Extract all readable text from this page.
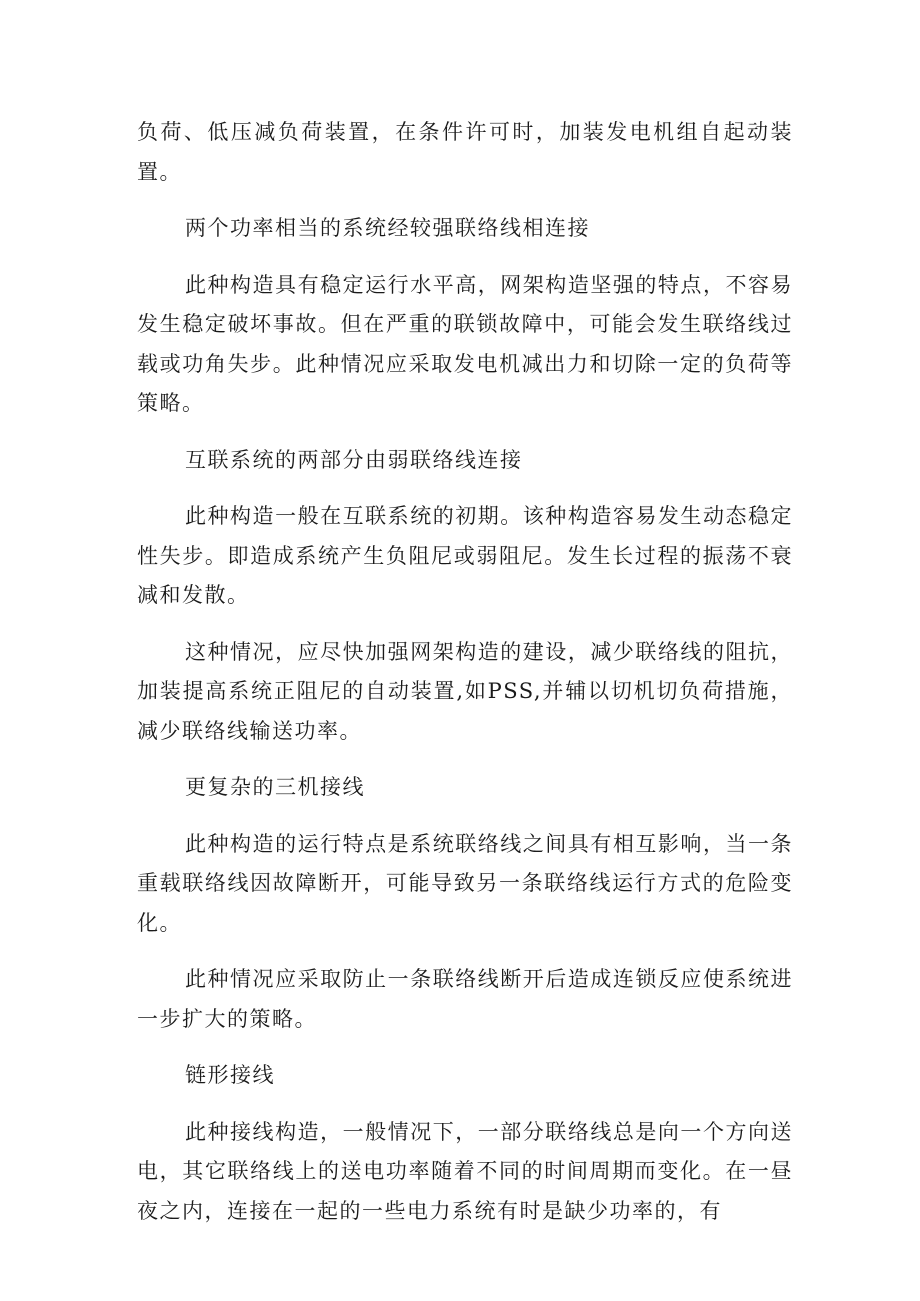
负荷、低压减负荷装置，在条件许可时，加装发电机组自起动装置。

两个功率相当的系统经较强联络线相连接

此种构造具有稳定运行水平高，网架构造坚强的特点，不容易发生稳定破坏事故。但在严重的联锁故障中，可能会发生联络线过载或功角失步。此种情况应采取发电机减出力和切除一定的负荷等策略。

互联系统的两部分由弱联络线连接

此种构造一般在互联系统的初期。该种构造容易发生动态稳定性失步。即造成系统产生负阻尼或弱阻尼。发生长过程的振荡不衰减和发散。

这种情况，应尽快加强网架构造的建设，减少联络线的阻抗，加装提高系统正阻尼的自动装置,如PSS,并辅以切机切负荷措施，减少联络线输送功率。

更复杂的三机接线

此种构造的运行特点是系统联络线之间具有相互影响，当一条重载联络线因故障断开，可能导致另一条联络线运行方式的危险变化。

此种情况应采取防止一条联络线断开后造成连锁反应使系统进一步扩大的策略。

链形接线

此种接线构造，一般情况下，一部分联络线总是向一个方向送电，其它联络线上的送电功率随着不同的时间周期而变化。在一昼夜之内，连接在一起的一些电力系统有时是缺少功率的，有
